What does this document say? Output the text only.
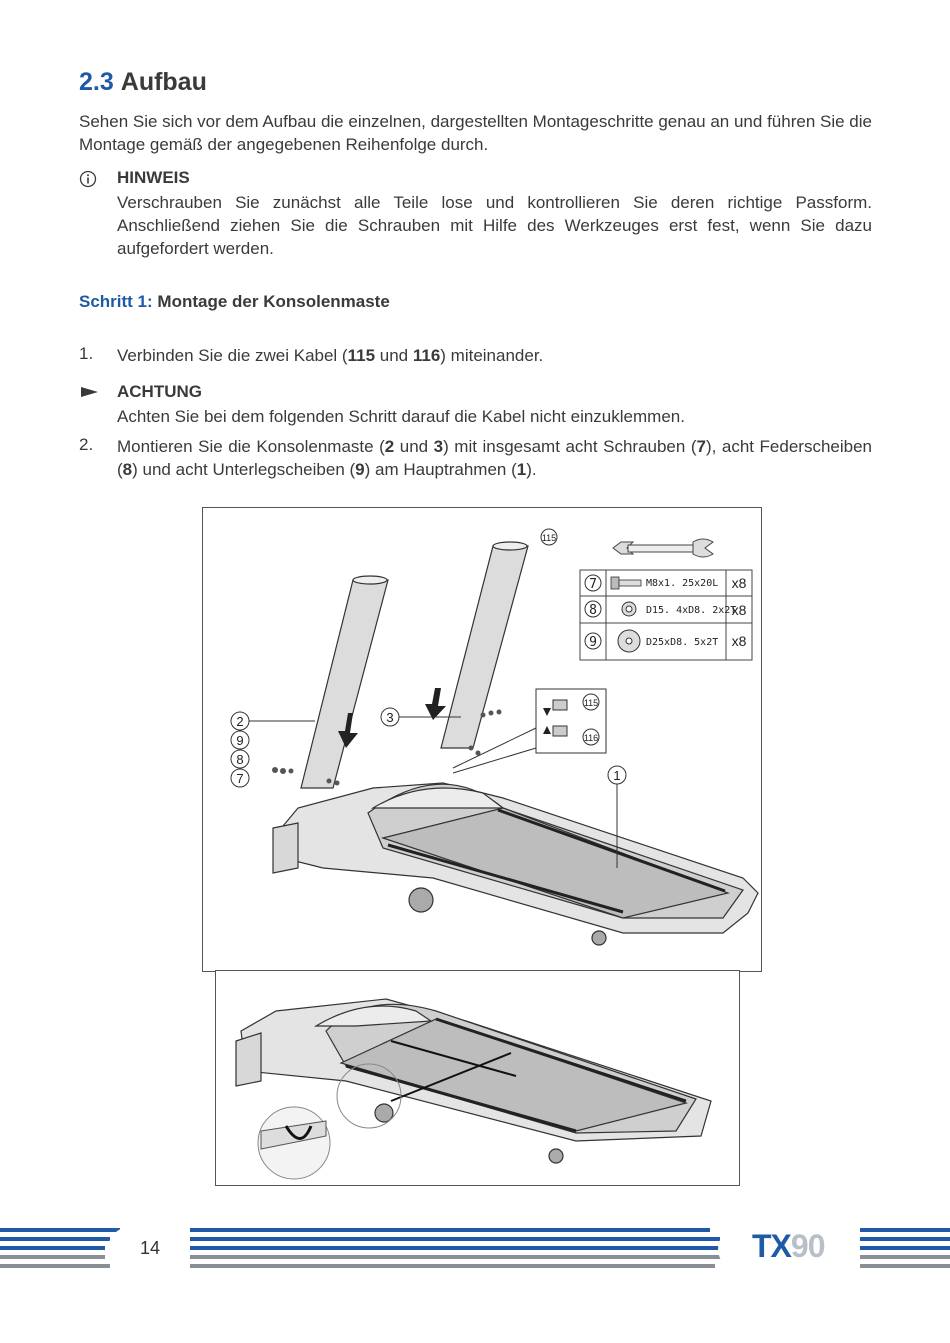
2.3 Aufbau
Sehen Sie sich vor dem Aufbau die einzelnen, dargestellten Montageschritte genau an und führen Sie die Montage gemäß der angegebenen Reihenfolge durch.
HINWEIS
Verschrauben Sie zunächst alle Teile lose und kontrollieren Sie deren richtige Passform. Anschließend ziehen Sie die Schrauben mit Hilfe des Werkzeuges erst fest, wenn Sie dazu aufgefordert werden.
Schritt 1: Montage der Konsolenmaste
1. Verbinden Sie die zwei Kabel (115 und 116) miteinander.
ACHTUNG
Achten Sie bei dem folgenden Schritt darauf die Kabel nicht einzuklemmen.
2. Montieren Sie die Konsolenmaste (2 und 3) mit insgesamt acht Schrauben (7), acht Federscheiben (8) und acht Unterlegscheiben (9) am Hauptrahmen (1).
7
8
9
M8x1. 25x20L
D15. 4xD8. 2x2T
D25xD8. 5x2T
x8
x8
x8
115
115
116
1
3
2
9
8
7
14	TX90
